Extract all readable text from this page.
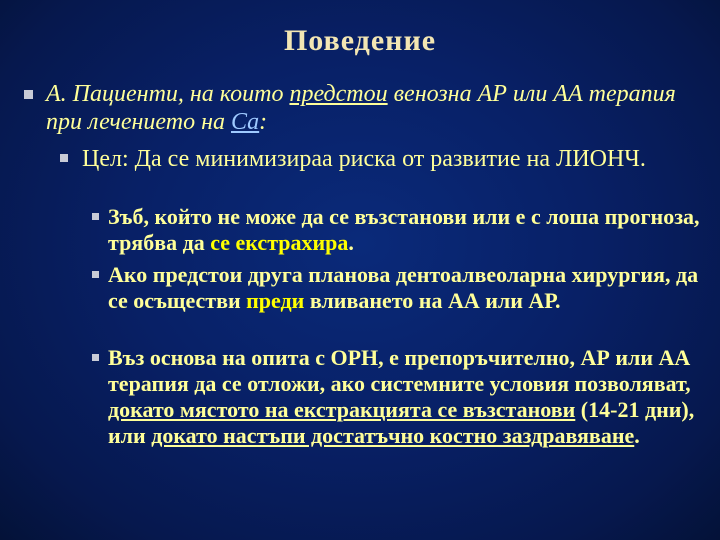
Поведение
А. Пациенти, на които предстои венозна АР или АА терапия при лечението на Са:
Цел: Да се минимизираа риска от развитие на ЛИОНЧ.
Зъб, който не може да се възстанови или е с лоша прогноза, трябва да се екстрахира.
Ако предстои друга планова дентоалвеоларна хирургия, да се осъществи преди вливането на АА или АР.
Въз основа на опита с ОРН, е препоръчително, АР или АА терапия да се отложи, ако системните условия позволяват, докато мястото на екстракцията се възстанови (14-21 дни), или докато настъпи достатъчно костно заздравяване.
